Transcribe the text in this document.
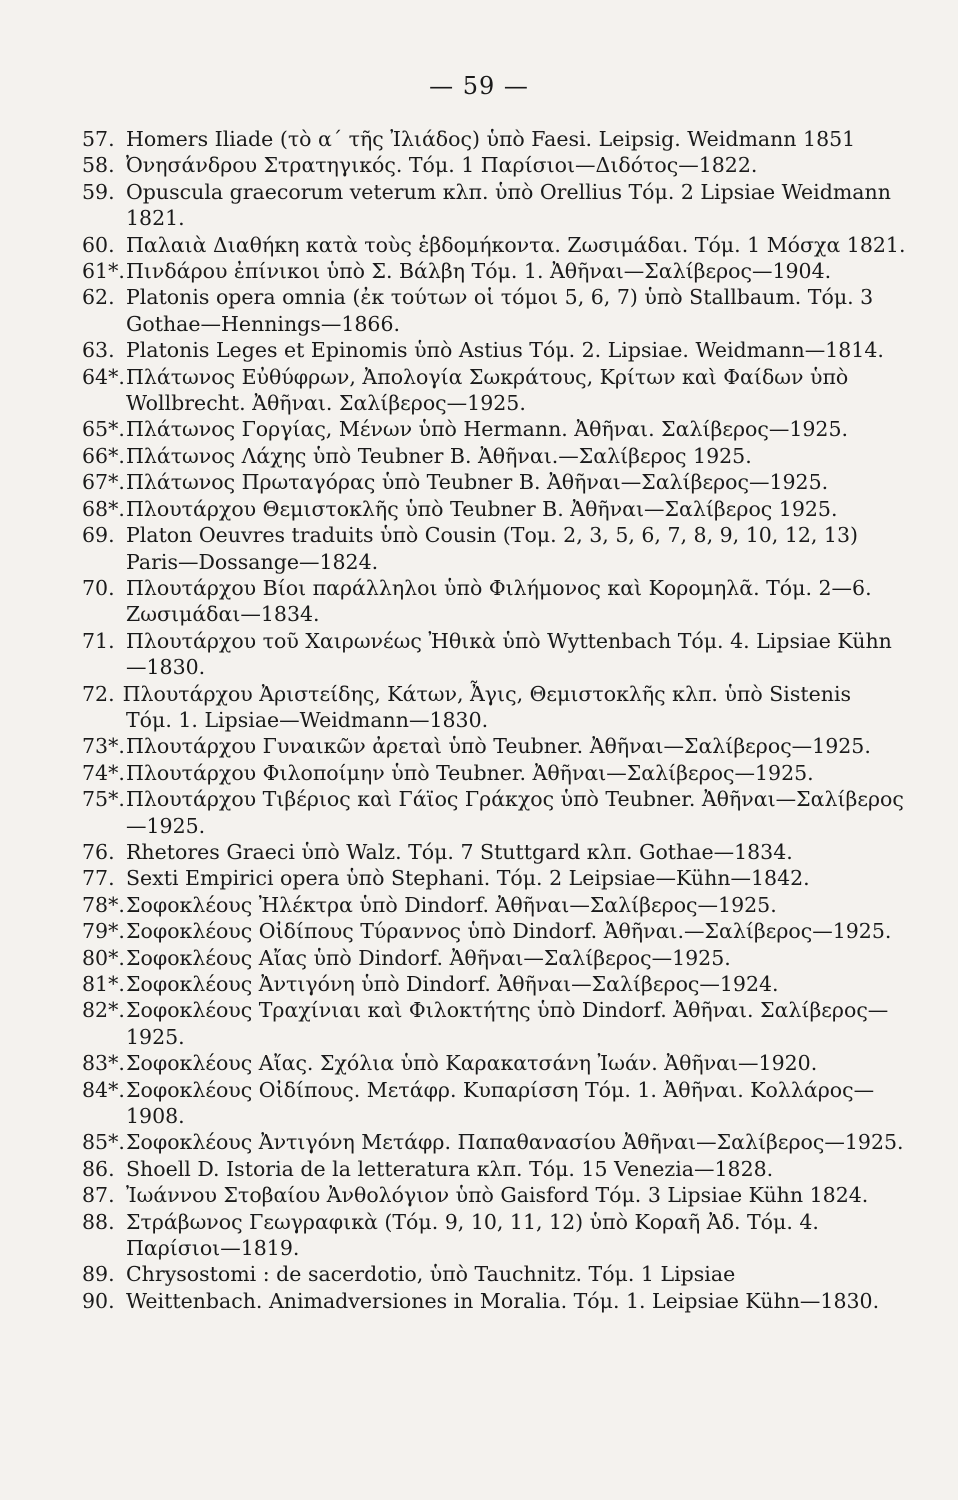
— 59 —
57. Homers Iliade (τὸ α΄ τῆς Ἰλιάδος) ὑπὸ Faesi. Leipsig. Weidmann 1851
58. Ὀνησάνδρου Στρατηγικός. Τόμ. 1 Παρίσιοι—Διδότος—1822.
59. Opuscula graecorum veterum κλπ. ὑπὸ Orellius Τόμ. 2 Lipsiae Weidmann 1821.
60. Παλαιὰ Διαθήκη κατὰ τοὺς ἑβδομήκοντα. Ζωσιμάδαι. Τόμ. 1 Μόσχα 1821.
61*.Πινδάρου ἐπίνικοι ὑπὸ Σ. Βάλβη Τόμ. 1. Ἀθῆναι—Σαλίβερος—1904.
62. Platonis opera omnia (ἐκ τούτων οἱ τόμοι 5, 6, 7) ὑπὸ Stallbaum. Τόμ. 3 Gothae—Hennings—1866.
63. Platonis Leges et Epinomis ὑπὸ Astius Τόμ. 2. Lipsiae. Weidmann—1814.
64*.Πλάτωνος Εὐθύφρων, Ἀπολογία Σωκράτους, Κρίτων καὶ Φαίδων ὑπὸ Wollbrecht. Ἀθῆναι. Σαλίβερος—1925.
65*.Πλάτωνος Γοργίας, Μένων ὑπὸ Hermann. Ἀθῆναι. Σαλίβερος—1925.
66*.Πλάτωνος Λάχης ὑπὸ Teubner B. Ἀθῆναι.—Σαλίβερος 1925.
67*.Πλάτωνος Πρωταγόρας ὑπὸ Teubner B. Ἀθῆναι—Σαλίβερος—1925.
68*.Πλουτάρχου Θεμιστοκλῆς ὑπὸ Teubner B. Ἀθῆναι—Σαλίβερος 1925.
69. Platon Oeuvres traduits ὑπὸ Cousin (Τομ. 2, 3, 5, 6, 7, 8, 9, 10, 12, 13) Paris—Dossange—1824.
70. Πλουτάρχου Βίοι παράλληλοι ὑπὸ Φιλήμονος καὶ Κορομηλᾶ. Τόμ. 2—6. Ζωσιμάδαι—1834.
71. Πλουτάρχου τοῦ Χαιρωνέως Ἠθικὰ ὑπὸ Wyttenbach Τόμ. 4. Lipsiae Kühn—1830.
72. Πλουτάρχου Ἀριστείδης, Κάτων, Ἆγις, Θεμιστοκλῆς κλπ. ὑπὸ Sistenis
Τόμ. 1. Lipsiae—Weidmann—1830.
73*.Πλουτάρχου Γυναικῶν ἀρεταὶ ὑπὸ Teubner. Ἀθῆναι—Σαλίβερος—1925.
74*.Πλουτάρχου Φιλοποίμην ὑπὸ Teubner. Ἀθῆναι—Σαλίβερος—1925.
75*.Πλουτάρχου Τιβέριος καὶ Γάϊος Γράκχος ὑπὸ Teubner. Ἀθῆναι—Σαλίβερος—1925.
76. Rhetores Graeci ὑπὸ Walz. Τόμ. 7 Stuttgard κλπ. Gothae—1834.
77. Sexti Empirici opera ὑπὸ Stephani. Τόμ. 2 Leipsiae—Kühn—1842.
78*.Σοφοκλέους Ἠλέκτρα ὑπὸ Dindorf. Ἀθῆναι—Σαλίβερος—1925.
79*.Σοφοκλέους Οἰδίπους Τύραννος ὑπὸ Dindorf. Ἀθῆναι.—Σαλίβερος—1925.
80*.Σοφοκλέους Αἴας ὑπὸ Dindorf. Ἀθῆναι—Σαλίβερος—1925.
81*.Σοφοκλέους Ἀντιγόνη ὑπὸ Dindorf. Ἀθῆναι—Σαλίβερος—1924.
82*.Σοφοκλέους Τραχίνιαι καὶ Φιλοκτήτης ὑπὸ Dindorf. Ἀθῆναι. Σαλίβερος—1925.
83*.Σοφοκλέους Αἴας. Σχόλια ὑπὸ Καρακατσάνη Ἰωάν. Ἀθῆναι—1920.
84*.Σοφοκλέους Οἰδίπους. Μετάφρ. Κυπαρίσση Τόμ. 1. Ἀθῆναι. Κολλάρος—1908.
85*.Σοφοκλέους Ἀντιγόνη Μετάφρ. Παπαθανασίου Ἀθῆναι—Σαλίβερος—1925.
86. Shoell D. Istoria de la letteratura κλπ. Τόμ. 15 Venezia—1828.
87. Ἰωάννου Στοβαίου Ἀνθολόγιον ὑπὸ Gaisford Τόμ. 3 Lipsiae Kühn 1824.
88. Στράβωνος Γεωγραφικὰ (Τόμ. 9, 10, 11, 12) ὑπὸ Κοραῆ Ἀδ. Τόμ. 4. Παρίσιοι—1819.
89. Chrysostomi : de sacerdotio, ὑπὸ Tauchnitz. Τόμ. 1 Lipsiae
90. Weittenbach. Animadversiones in Moralia. Τόμ. 1. Leipsiae Kühn—1830.
